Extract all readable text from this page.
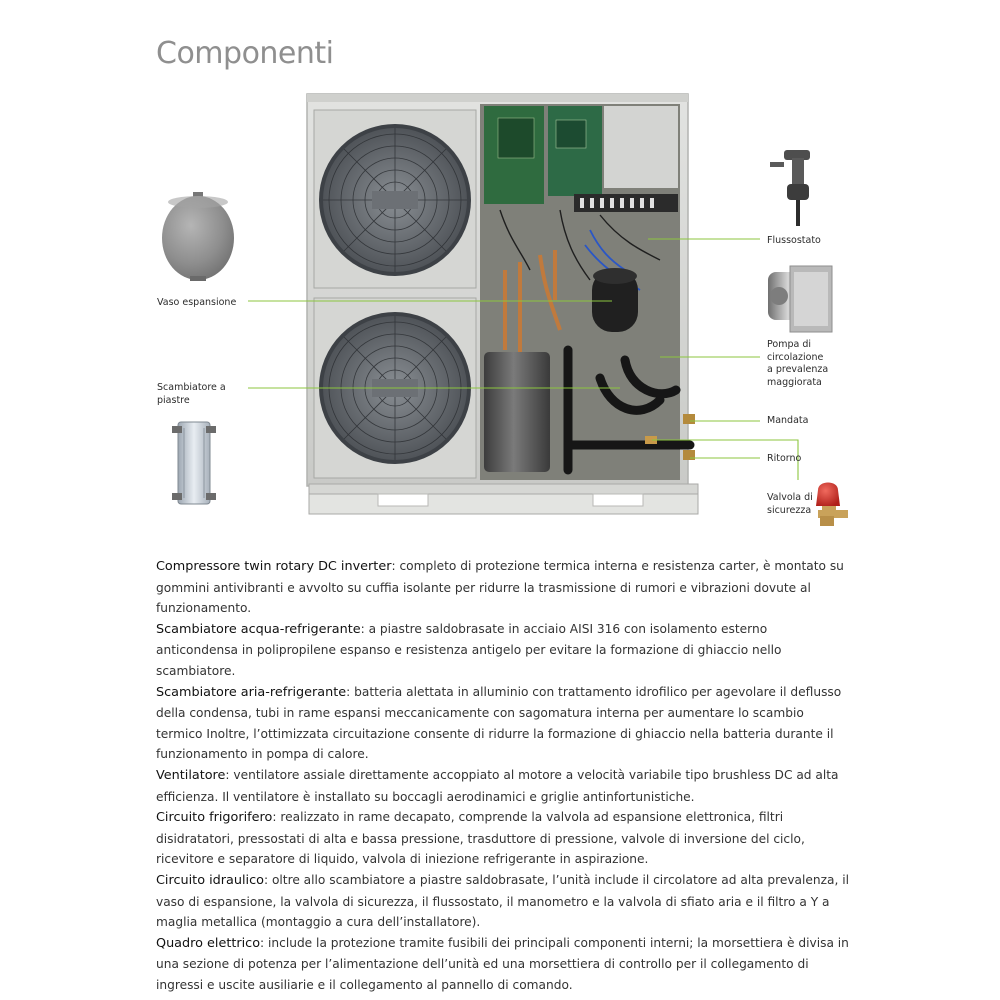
Componenti
Vaso espansione
Scambiatore a
piastre
Flussostato
Pompa di
circolazione
a prevalenza
maggiorata
Mandata
Ritorno
Valvola di
sicurezza

Compressore twin rotary DC inverter: completo di protezione termica interna e resistenza carter, è montato su gommini antivibranti e avvolto su cuffia isolante per ridurre la trasmissione di rumori e vibrazioni dovute al funzionamento.

Scambiatore acqua-refrigerante: a piastre saldobrasate in acciaio AISI 316 con isolamento esterno anticondensa in polipropilene espanso e resistenza antigelo per evitare la formazione di ghiaccio nello scambiatore.

Scambiatore aria-refrigerante: batteria alettata in alluminio con trattamento idrofilico per agevolare il deflusso della condensa, tubi in rame espansi meccanicamente con sagomatura interna per aumentare lo scambio termico Inoltre, l’ottimizzata circuitazione consente di ridurre la formazione di ghiaccio nella batteria durante il funzionamento in pompa di calore.

Ventilatore: ventilatore assiale direttamente accoppiato al motore a velocità variabile tipo brushless DC ad alta efficienza. Il ventilatore è installato su boccagli aerodinamici e griglie antinfortunistiche.

Circuito frigorifero: realizzato in rame decapato, comprende la valvola ad espansione elettronica, filtri disidratatori, pressostati di alta e bassa pressione, trasduttore di pressione, valvole di inversione del ciclo, ricevitore e separatore di liquido, valvola di iniezione refrigerante in aspirazione.

Circuito idraulico: oltre allo scambiatore a piastre saldobrasate, l’unità include il circolatore ad alta prevalenza, il vaso di espansione, la valvola di sicurezza, il flussostato, il manometro e la valvola di sfiato aria e il filtro a Y a maglia metallica (montaggio a cura dell’installatore).

Quadro elettrico: include la protezione tramite fusibili dei principali componenti interni; la morsettiera è divisa in una sezione di potenza per l’alimentazione dell’unità ed una morsettiera di controllo per il collegamento di ingressi e uscite ausiliarie e il collegamento al pannello di comando.
